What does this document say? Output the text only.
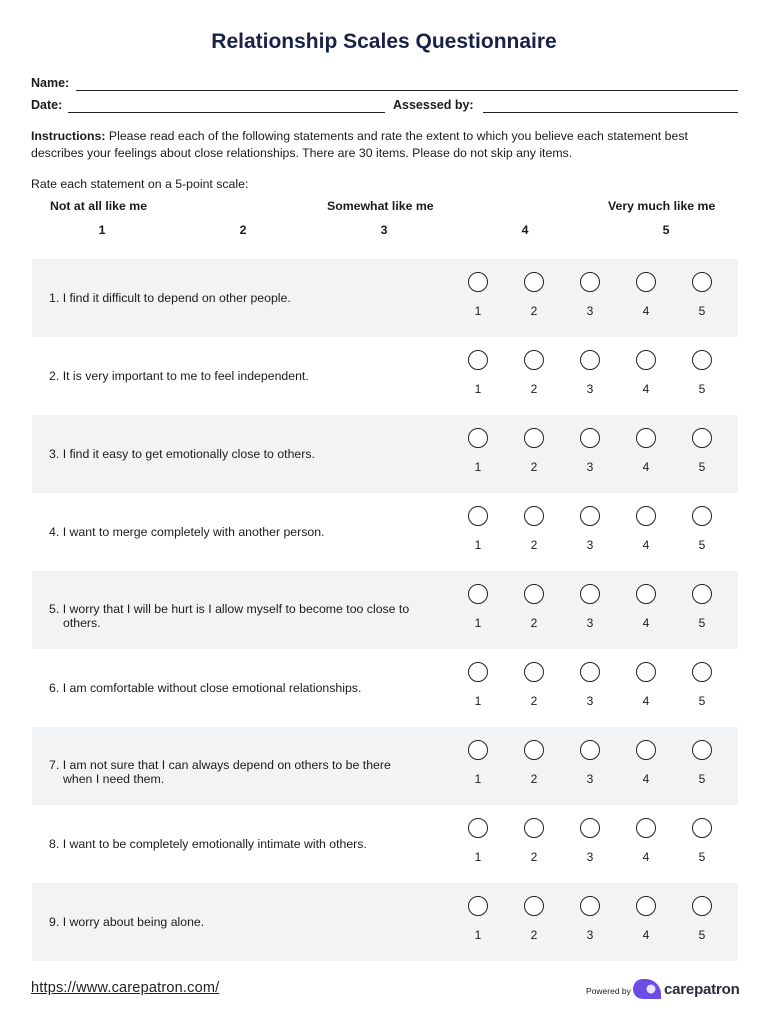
Relationship Scales Questionnaire
Name:
Date:	Assessed by:
Instructions: Please read each of the following statements and rate the extent to which you believe each statement best describes your feelings about close relationships. There are 30 items. Please do not skip any items.
Rate each statement on a 5-point scale:
Not at all like me	Somewhat like me	Very much like me
1	2	3	4	5
1. I find it difficult to depend on other people.
1	2	3	4	5
2. It is very important to me to feel independent.
1	2	3	4	5
3. I find it easy to get emotionally close to others.
1	2	3	4	5
4. I want to merge completely with another person.
1	2	3	4	5
5. I worry that I will be hurt is I allow myself to become too close to
others.	1	2	3	4	5
6. I am comfortable without close emotional relationships.
1	2	3	4	5
7. I am not sure that I can always depend on others to be there
when I need them.	1	2	3	4	5
8. I want to be completely emotionally intimate with others.
1	2	3	4	5
9. I worry about being alone.
1	2	3	4	5
https://www.carepatron.com/	Powered by carepatron
